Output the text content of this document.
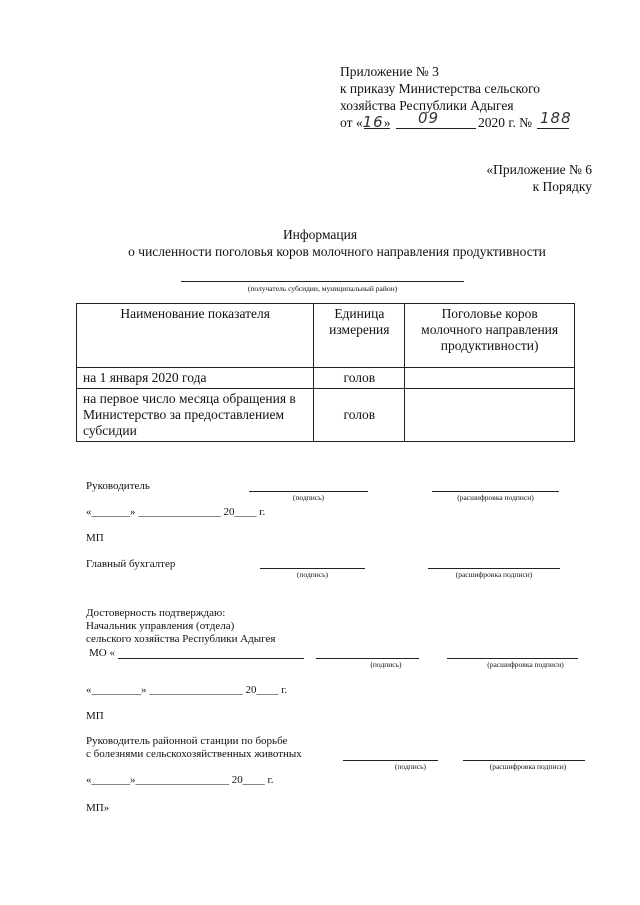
Приложение № 3
к приказу Министерства сельского
хозяйства Республики Адыгея
от «16» 09	2020 г. № 188
«Приложение № 6
к Порядку
Информация
о численности поголовья коров молочного направления продуктивности
(получатель субсидии, муниципальный район)
Наименование показателя	Единица измерения	Поголовье коров молочного направления продуктивности)
на 1 января 2020 года	голов	
на первое число месяца обращения в Министерство за предоставлением субсидии	голов	
Руководитель
(подпись)	(расшифровка подписи)
«_______» _______________ 20____ г.
МП
Главный бухгалтер
(подпись)	(расшифровка подписи)
Достоверность подтверждаю:
Начальник управления (отдела)
сельского хозяйства Республики Адыгея
МО «
(подпись)	(расшифровка подписи)
«_________» _________________ 20____ г.
МП
Руководитель районной станции по борьбе
с болезнями сельскохозяйственных животных
(подпись)	(расшифровка подписи)
«_______»_________________ 20____ г.
МП»
